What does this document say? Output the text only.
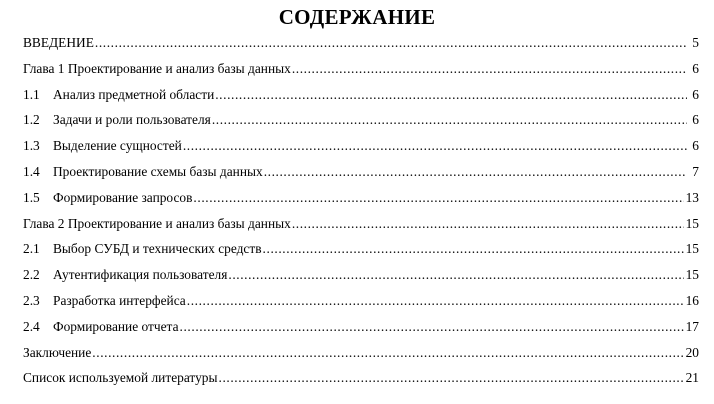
СОДЕРЖАНИЕ
ВВЕДЕНИЕ .....	5
Глава 1 Проектирование и анализ базы данных .....	6
1.1 Анализ предметной области .....	6
1.2 Задачи и роли пользователя .....	6
1.3 Выделение сущностей .....	6
1.4 Проектирование схемы базы данных .....	7
1.5 Формирование запросов .....	13
Глава 2 Проектирование и анализ базы данных .....	15
2.1 Выбор СУБД и технических средств .....	15
2.2 Аутентификация пользователя .....	15
2.3 Разработка интерфейса .....	16
2.4 Формирование отчета .....	17
Заключение .....	20
Список используемой литературы .....	21
